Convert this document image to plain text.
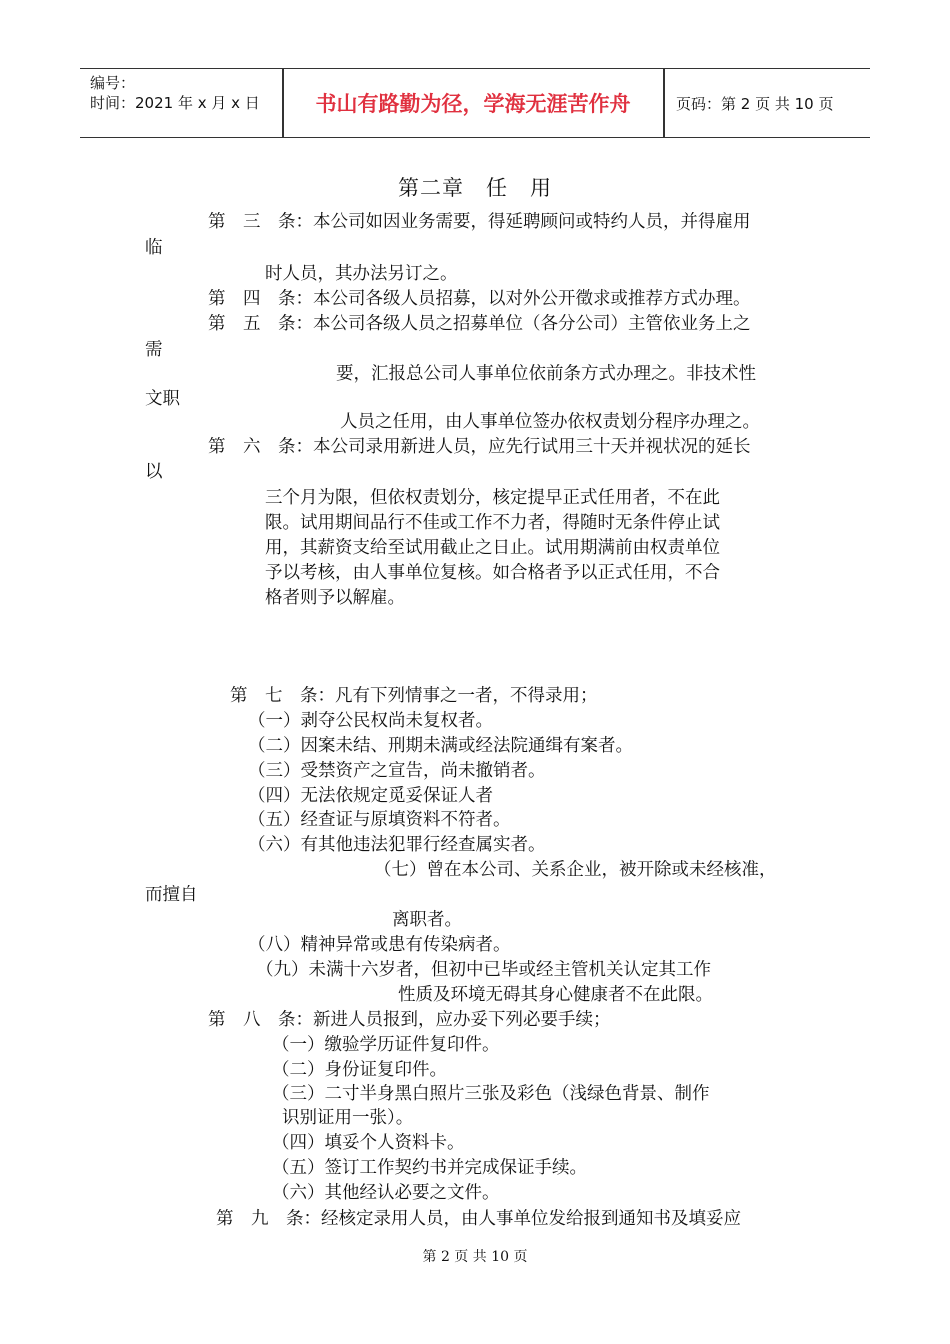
编号：
时间：2021 年 x 月 x 日	书山有路勤为径，学海无涯苦作舟	页码：第 2 页 共 10 页
第二章　任　用
第　三　条：本公司如因业务需要，得延聘顾问或特约人员，并得雇用
临
时人员，其办法另订之。
第　四　条：本公司各级人员招募，以对外公开徵求或推荐方式办理。
第　五　条：本公司各级人员之招募单位（各分公司）主管依业务上之
需
要，汇报总公司人事单位依前条方式办理之。非技术性
文职
人员之任用，由人事单位签办依权责划分程序办理之。
第　六　条：本公司录用新进人员，应先行试用三十天并视状况的延长
以
三个月为限，但依权责划分，核定提早正式任用者，不在此
限。试用期间品行不佳或工作不力者，得随时无条件停止试
用，其薪资支给至试用截止之日止。试用期满前由权责单位
予以考核，由人事单位复核。如合格者予以正式任用，不合
格者则予以解雇。
第　七　条：凡有下列情事之一者，不得录用；
（一）剥夺公民权尚未复权者。
（二）因案未结、刑期未满或经法院通缉有案者。
（三）受禁资产之宣告，尚未撤销者。
（四）无法依规定觅妥保证人者
（五）经查证与原填资料不符者。
（六）有其他违法犯罪行经查属实者。
（七）曾在本公司、关系企业，被开除或未经核准，
而擅自
离职者。
（八）精神异常或患有传染病者。
（九）未满十六岁者，但初中已毕或经主管机关认定其工作
性质及环境无碍其身心健康者不在此限。
第　八　条：新进人员报到，应办妥下列必要手续；
（一）缴验学历证件复印件。
（二）身份证复印件。
（三）二寸半身黑白照片三张及彩色（浅绿色背景、制作
识别证用一张）。
（四）填妥个人资料卡。
（五）签订工作契约书并完成保证手续。
（六）其他经认必要之文件。
第　九　条：经核定录用人员，由人事单位发给报到通知书及填妥应
第 2 页 共 10 页
